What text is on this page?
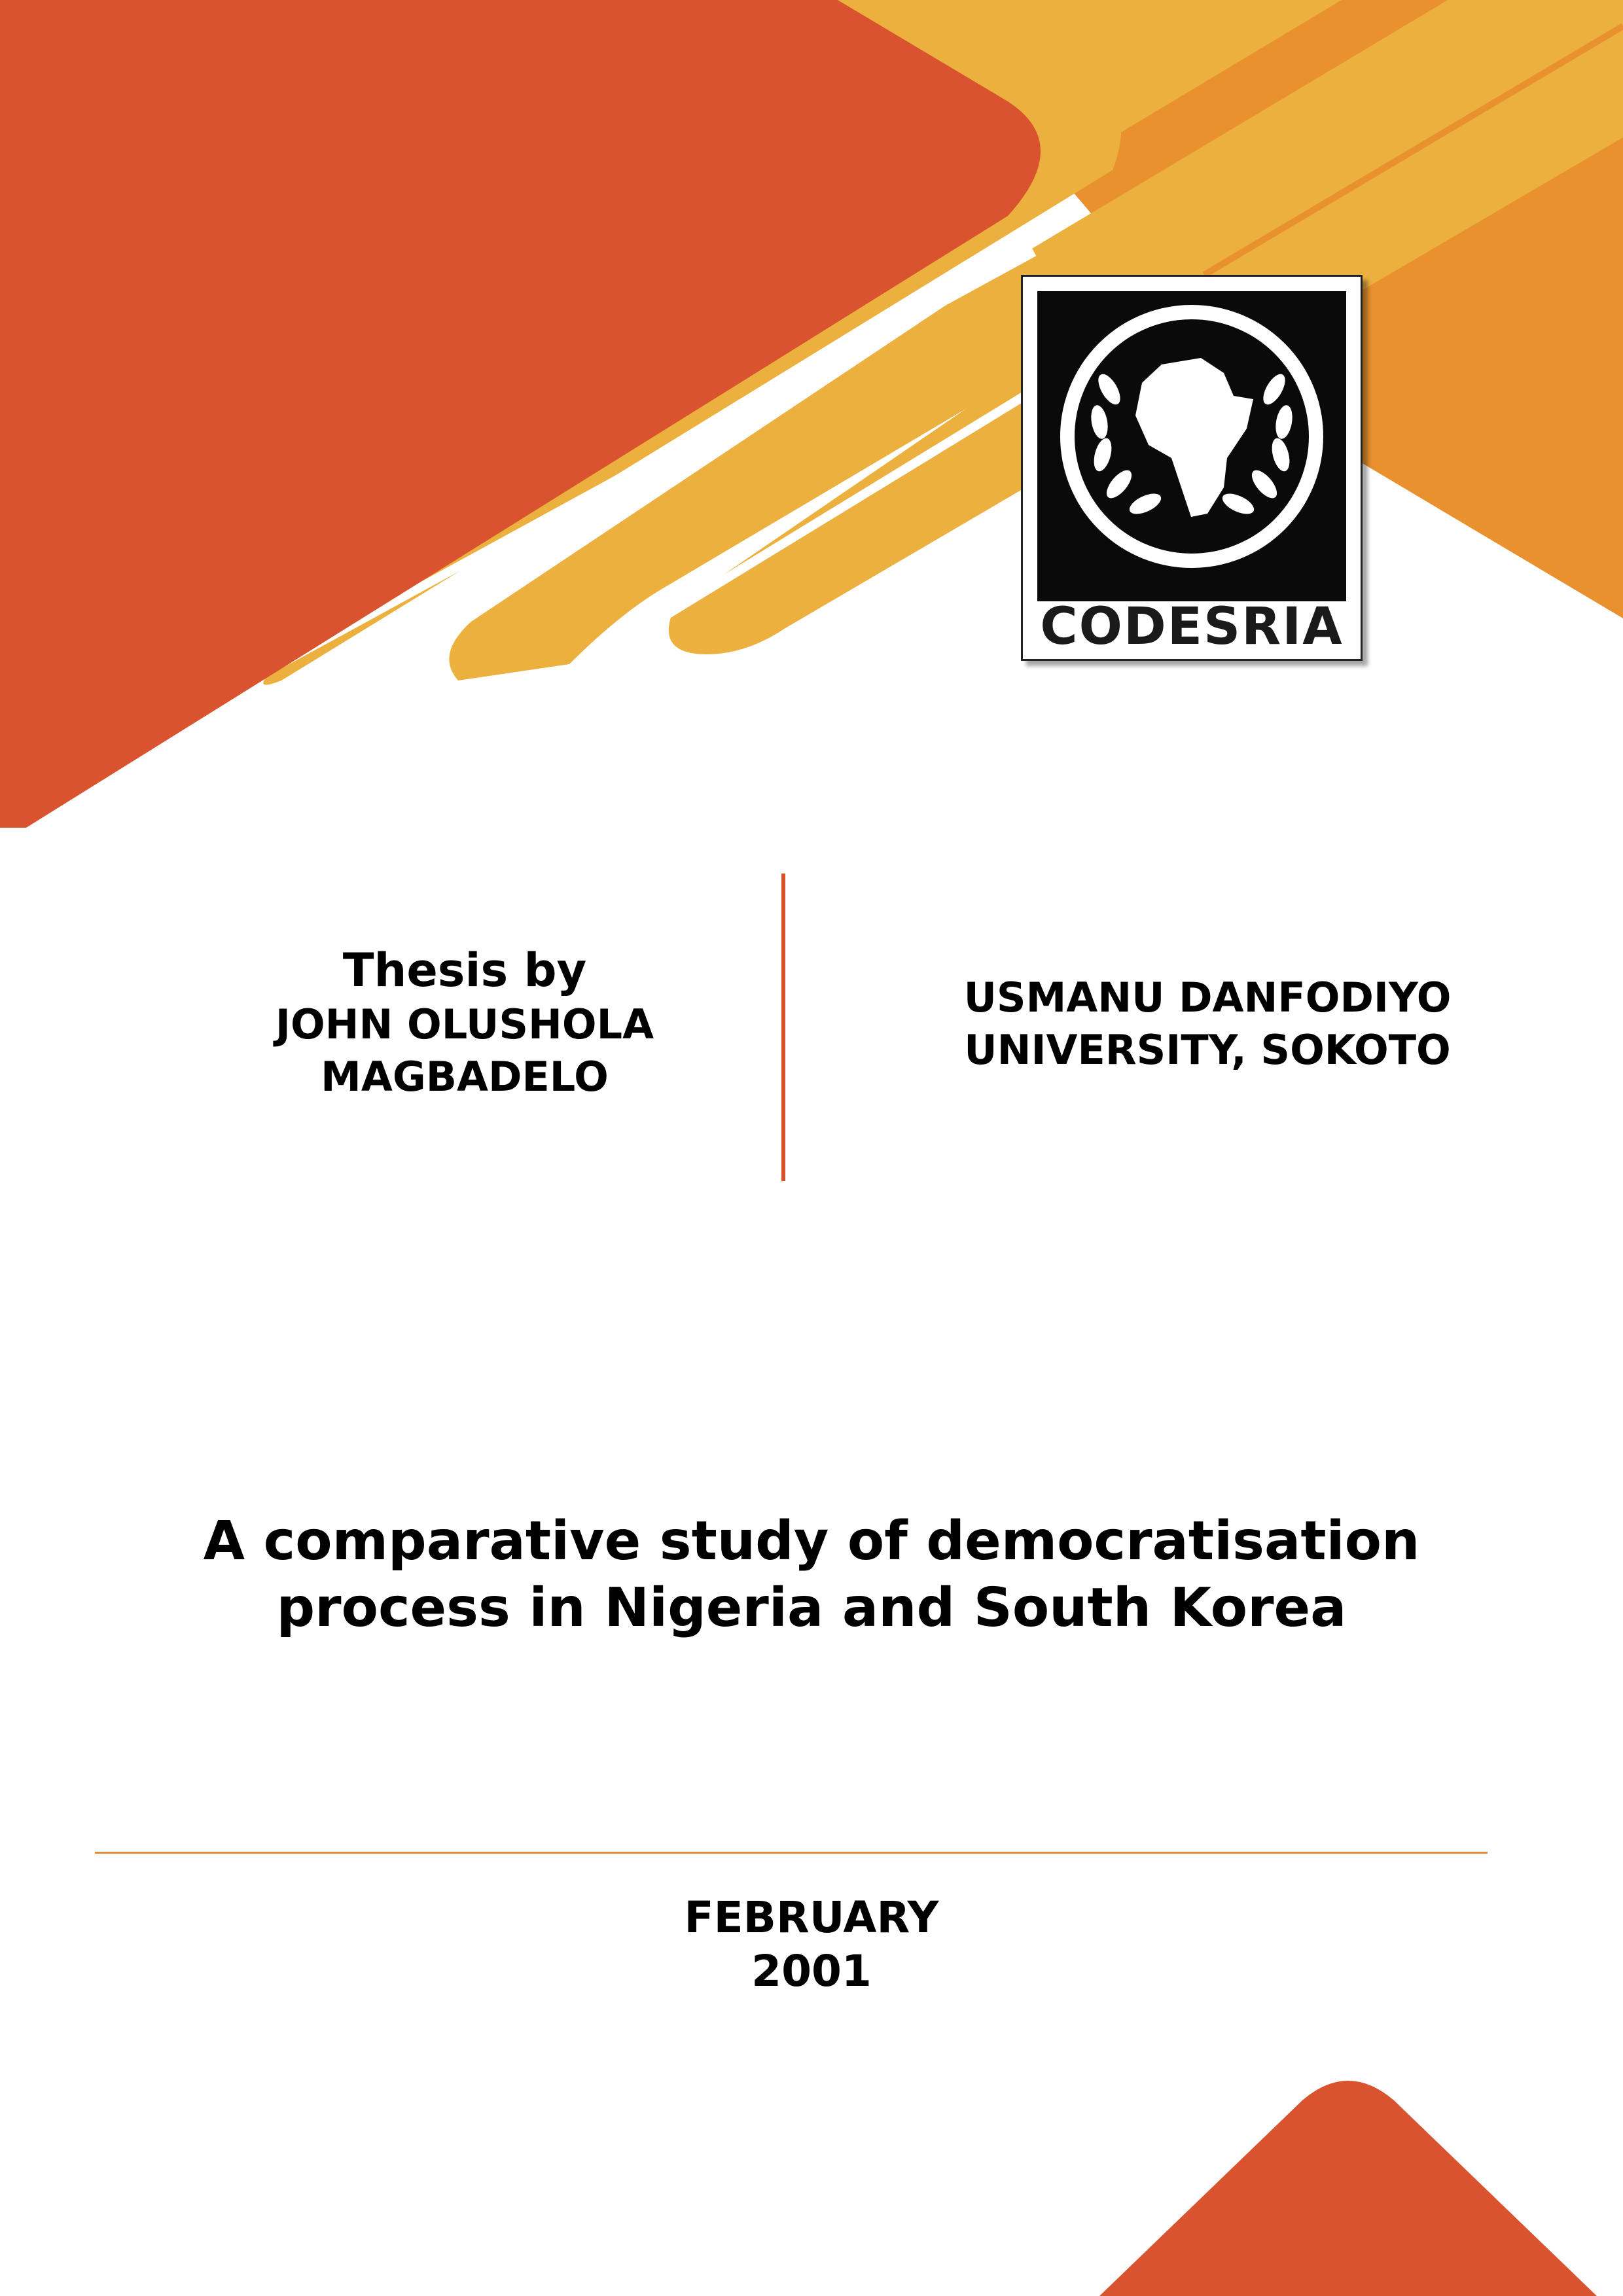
CODESRIA
Thesis by
JOHN OLUSHOLA
MAGBADELO
USMANU DANFODIYO
UNIVERSITY, SOKOTO
A comparative study of democratisation
process in Nigeria and South Korea
FEBRUARY
2001
